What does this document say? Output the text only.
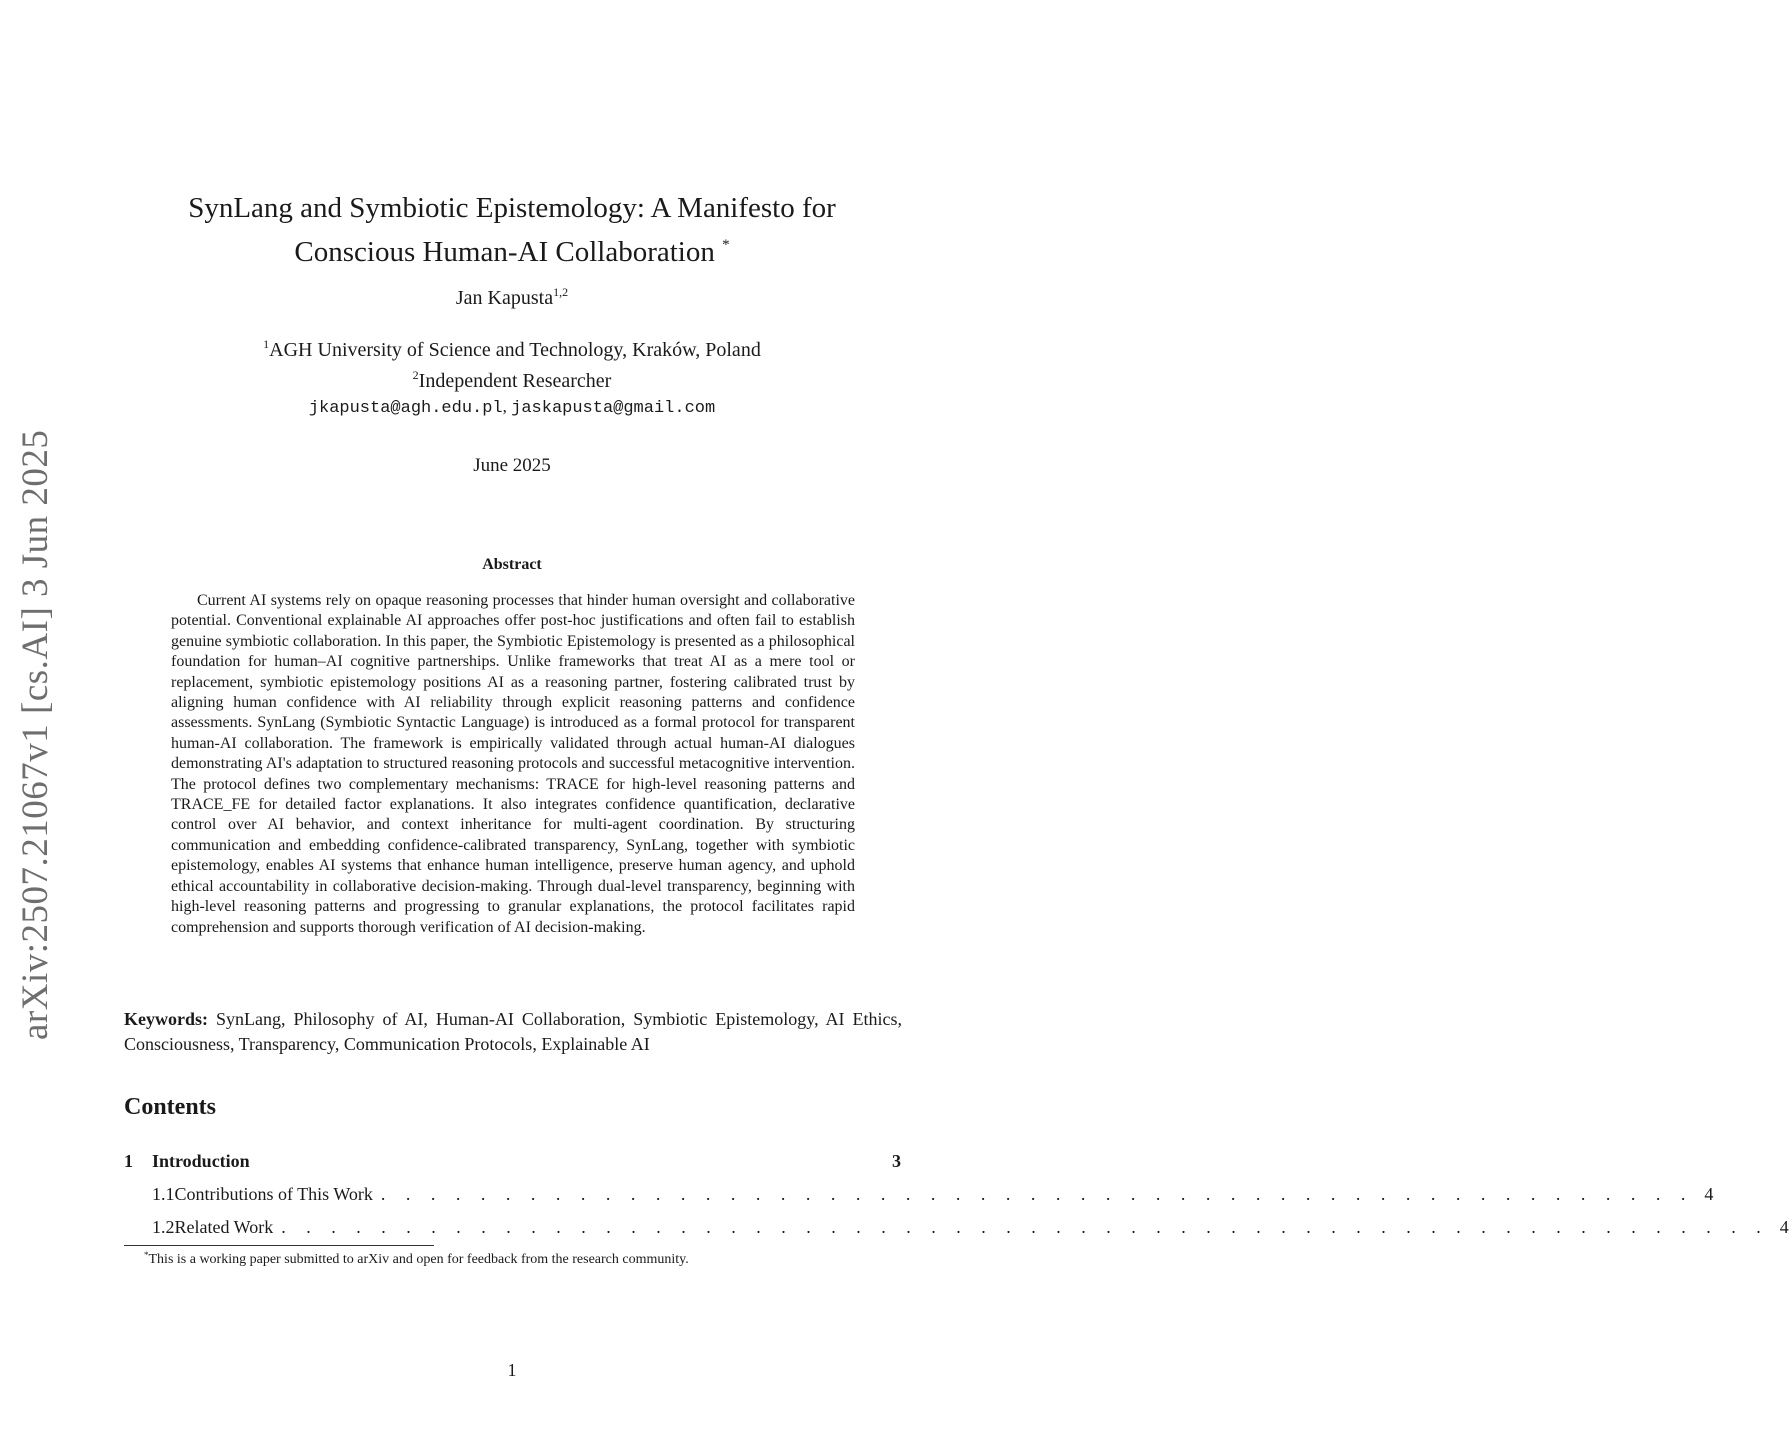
arXiv:2507.21067v1 [cs.AI] 3 Jun 2025
SynLang and Symbiotic Epistemology: A Manifesto for
Conscious Human-AI Collaboration *
Jan Kapusta$^{1,2}$
$^1$AGH University of Science and Technology, Kraków, Poland
$^2$Independent Researcher
jkapusta@agh.edu.pl, jaskapusta@gmail.com
June 2025
Abstract

Current AI systems rely on opaque reasoning processes that hinder human oversight and collaborative potential. Conventional explainable AI approaches offer post-hoc justifications and often fail to establish genuine symbiotic collaboration. In this paper, the Symbiotic Epistemology is presented as a philosophical foundation for human–AI cognitive partnerships. Unlike frameworks that treat AI as a mere tool or replacement, symbiotic epistemology positions AI as a reasoning partner, fostering calibrated trust by aligning human confidence with AI reliability through explicit reasoning patterns and confidence assessments. SynLang (Symbiotic Syntactic Language) is introduced as a formal protocol for transparent human-AI collaboration. The framework is empirically validated through actual human-AI dialogues demonstrating AI's adaptation to structured reasoning protocols and successful metacognitive intervention. The protocol defines two complementary mechanisms: TRACE for high-level reasoning patterns and TRACE_FE for detailed factor explanations. It also integrates confidence quantification, declarative control over AI behavior, and context inheritance for multi-agent coordination. By structuring communication and embedding confidence-calibrated transparency, SynLang, together with symbiotic epistemology, enables AI systems that enhance human intelligence, preserve human agency, and uphold ethical accountability in collaborative decision-making. Through dual-level transparency, beginning with high-level reasoning patterns and progressing to granular explanations, the protocol facilitates rapid comprehension and supports thorough verification of AI decision-making.

Keywords: SynLang, Philosophy of AI, Human-AI Collaboration, Symbiotic Epistemology, AI Ethics, Consciousness, Transparency, Communication Protocols, Explainable AI

Contents
1	Introduction	3
1.1 Contributions of This Work . . . . . . . . . . . . . . . . . . . . . . . . . . . . . . . . . . . . . . . . . . . . . . . . . . . . . 4
1.2 Related Work . . . . . . . . . . . . . . . . . . . . . . . . . . . . . . . . . . . . . . . . . . . . . . . . . . . . . . . . . . . . 4
*This is a working paper submitted to arXiv and open for feedback from the research community.
1
